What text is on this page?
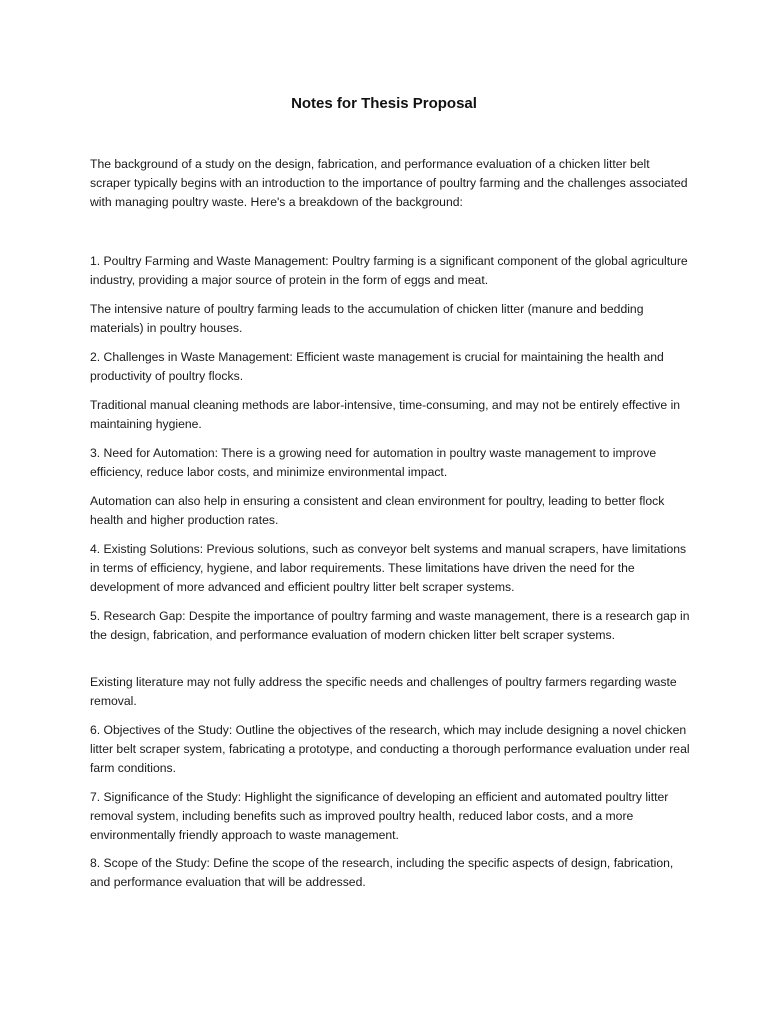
Notes for Thesis Proposal

The background of a study on the design, fabrication, and performance evaluation of a chicken litter belt scraper typically begins with an introduction to the importance of poultry farming and the challenges associated with managing poultry waste. Here's a breakdown of the background:

1. Poultry Farming and Waste Management: Poultry farming is a significant component of the global agriculture industry, providing a major source of protein in the form of eggs and meat.

The intensive nature of poultry farming leads to the accumulation of chicken litter (manure and bedding materials) in poultry houses.

2. Challenges in Waste Management: Efficient waste management is crucial for maintaining the health and productivity of poultry flocks.

Traditional manual cleaning methods are labor-intensive, time-consuming, and may not be entirely effective in maintaining hygiene.

3. Need for Automation: There is a growing need for automation in poultry waste management to improve efficiency, reduce labor costs, and minimize environmental impact.

Automation can also help in ensuring a consistent and clean environment for poultry, leading to better flock health and higher production rates.

4. Existing Solutions: Previous solutions, such as conveyor belt systems and manual scrapers, have limitations in terms of efficiency, hygiene, and labor requirements. These limitations have driven the need for the development of more advanced and efficient poultry litter belt scraper systems.

5. Research Gap: Despite the importance of poultry farming and waste management, there is a research gap in the design, fabrication, and performance evaluation of modern chicken litter belt scraper systems.

Existing literature may not fully address the specific needs and challenges of poultry farmers regarding waste removal.

6. Objectives of the Study: Outline the objectives of the research, which may include designing a novel chicken litter belt scraper system, fabricating a prototype, and conducting a thorough performance evaluation under real farm conditions.

7. Significance of the Study: Highlight the significance of developing an efficient and automated poultry litter removal system, including benefits such as improved poultry health, reduced labor costs, and a more environmentally friendly approach to waste management.

8. Scope of the Study: Define the scope of the research, including the specific aspects of design, fabrication, and performance evaluation that will be addressed.
